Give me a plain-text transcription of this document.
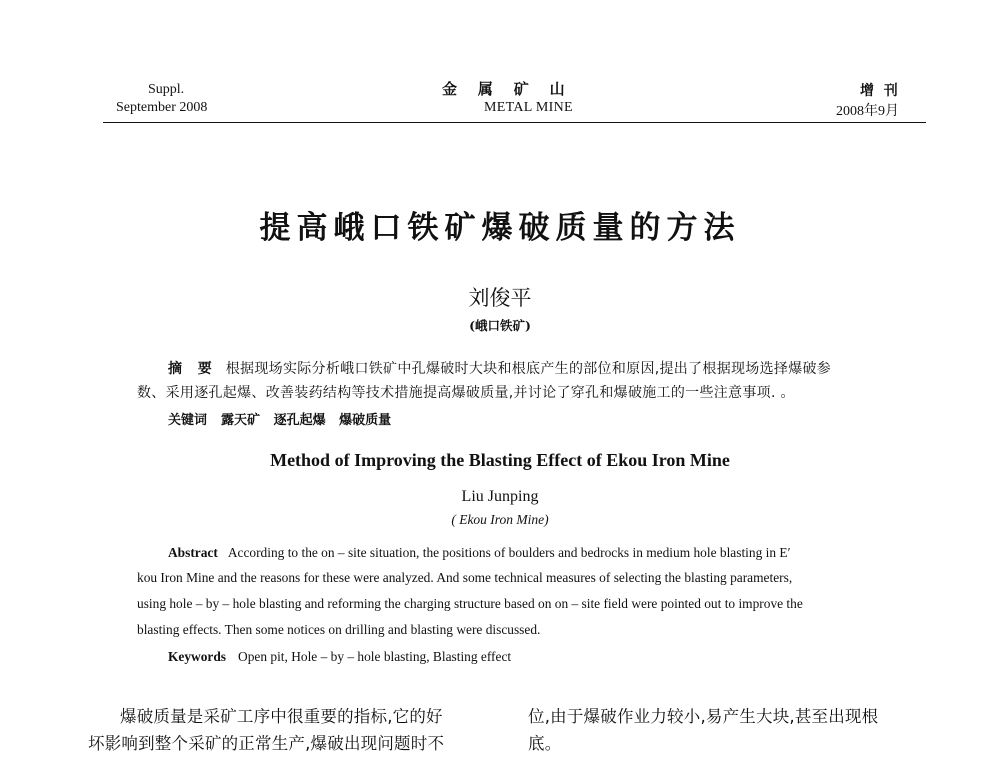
Suppl.
September 2008
金    属    矿    山
METAL MINE
增  刊
2008年9月
提高峨口铁矿爆破质量的方法
刘俊平
(峨口铁矿)
摘  要 根据现场实际分析峨口铁矿中孔爆破时大块和根底产生的部位和原因,提出了根据现场选择爆破参
数、采用逐孔起爆、改善装药结构等技术措施提高爆破质量,并讨论了穿孔和爆破施工的一些注意事项. 。
关键词 露天矿   逐孔起爆   爆破质量
Method of Improving the Blasting Effect of Ekou Iron Mine
Liu Junping
( Ekou Iron Mine)
Abstract According to the on – site situation, the positions of boulders and bedrocks in medium hole blasting in E′
kou Iron Mine and the reasons for these were analyzed. And some technical measures of selecting the blasting parameters,
using hole – by – hole blasting and reforming the charging structure based on on – site field were pointed out to improve the
blasting effects. Then some notices on drilling and blasting were discussed.
Keywords Open pit, Hole – by – hole blasting, Blasting effect
爆破质量是采矿工序中很重要的指标,它的好
坏影响到整个采矿的正常生产,爆破出现问题时不
位,由于爆破作业力较小,易产生大块,甚至出现根
底。
